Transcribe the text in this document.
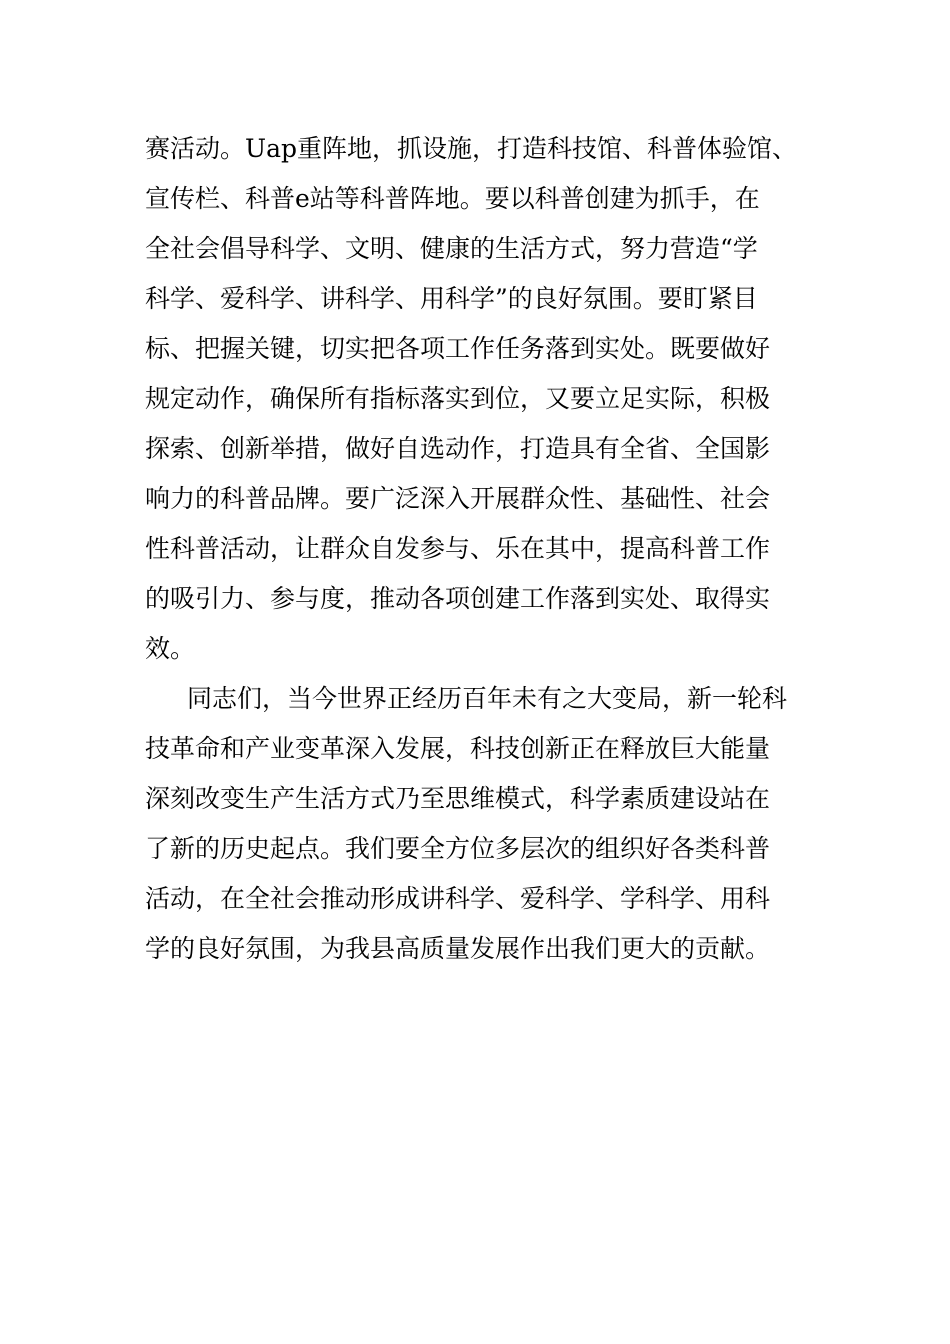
赛活动。Uap重阵地，抓设施，打造科技馆、科普体验馆、
宣传栏、科普e站等科普阵地。要以科普创建为抓手，在
全社会倡导科学、文明、健康的生活方式，努力营造“学
科学、爱科学、讲科学、用科学”的良好氛围。要盯紧目
标、把握关键，切实把各项工作任务落到实处。既要做好
规定动作，确保所有指标落实到位，又要立足实际，积极
探索、创新举措，做好自选动作，打造具有全省、全国影
响力的科普品牌。要广泛深入开展群众性、基础性、社会
性科普活动，让群众自发参与、乐在其中，提高科普工作
的吸引力、参与度，推动各项创建工作落到实处、取得实
效。
同志们，当今世界正经历百年未有之大变局，新一轮科
技革命和产业变革深入发展，科技创新正在释放巨大能量
深刻改变生产生活方式乃至思维模式，科学素质建设站在
了新的历史起点。我们要全方位多层次的组织好各类科普
活动，在全社会推动形成讲科学、爱科学、学科学、用科
学的良好氛围，为我县高质量发展作出我们更大的贡献。
